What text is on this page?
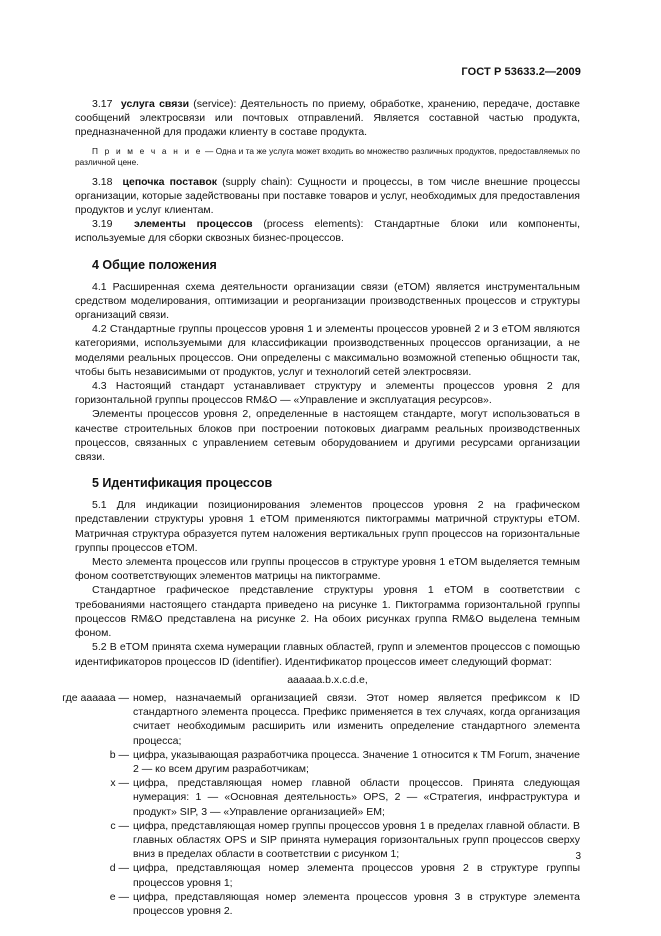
ГОСТ Р 53633.2—2009

3.17 услуга связи (service): Деятельность по приему, обработке, хранению, передаче, доставке сообщений электросвязи или почтовых отправлений. Является составной частью продукта, предназначенной для продажи клиенту в составе продукта.

П р и м е ч а н и е — Одна и та же услуга может входить во множество различных продуктов, предоставляемых по различной цене.

3.18 цепочка поставок (supply chain): Сущности и процессы, в том числе внешние процессы организации, которые задействованы при поставке товаров и услуг, необходимых для предоставления продуктов и услуг клиентам.

3.19 элементы процессов (process elements): Стандартные блоки или компоненты, используемые для сборки сквозных бизнес-процессов.

4 Общие положения

4.1 Расширенная схема деятельности организации связи (eTOM) является инструментальным средством моделирования, оптимизации и реорганизации производственных процессов и структуры организаций связи.

4.2 Стандартные группы процессов уровня 1 и элементы процессов уровней 2 и 3 eTOM являются категориями, используемыми для классификации производственных процессов организации, а не моделями реальных процессов. Они определены с максимально возможной степенью общности так, чтобы быть независимыми от продуктов, услуг и технологий сетей электросвязи.

4.3 Настоящий стандарт устанавливает структуру и элементы процессов уровня 2 для горизонтальной группы процессов RM&O — «Управление и эксплуатация ресурсов».

Элементы процессов уровня 2, определенные в настоящем стандарте, могут использоваться в качестве строительных блоков при построении потоковых диаграмм реальных производственных процессов, связанных с управлением сетевым оборудованием и другими ресурсами организации связи.

5 Идентификация процессов

5.1 Для индикации позиционирования элементов процессов уровня 2 на графическом представлении структуры уровня 1 eTOM применяются пиктограммы матричной структуры eTOM. Матричная структура образуется путем наложения вертикальных групп процессов на горизонтальные группы процессов eTOM.

Место элемента процессов или группы процессов в структуре уровня 1 eTOM выделяется темным фоном соответствующих элементов матрицы на пиктограмме.

Стандартное графическое представление структуры уровня 1 eTOM в соответствии с требованиями настоящего стандарта приведено на рисунке 1. Пиктограмма горизонтальной группы процессов RM&O представлена на рисунке 2. На обоих рисунках группа RM&O выделена темным фоном.

5.2 В eTOM принята схема нумерации главных областей, групп и элементов процессов с помощью идентификаторов процессов ID (identifier). Идентификатор процессов имеет следующий формат:

аааааа.b.x.c.d.e,

где аааааа — номер, назначаемый организацией связи. Этот номер является префиксом к ID стандартного элемента процесса. Префикс применяется в тех случаях, когда организация считает необходимым расширить или изменить определение стандартного элемента процесса;
b — цифра, указывающая разработчика процесса. Значение 1 относится к TM Forum, значение 2 — ко всем другим разработчикам;
x — цифра, представляющая номер главной области процессов. Принята следующая нумерация: 1 — «Основная деятельность» OPS, 2 — «Стратегия, инфраструктура и продукт» SIP, 3 — «Управление организацией» EM;
c — цифра, представляющая номер группы процессов уровня 1 в пределах главной области. В главных областях OPS и SIP принята нумерация горизонтальных групп процессов сверху вниз в пределах области в соответствии с рисунком 1;
d — цифра, представляющая номер элемента процессов уровня 2 в структуре группы процессов уровня 1;
e — цифра, представляющая номер элемента процессов уровня 3 в структуре элемента процессов уровня 2.
3
